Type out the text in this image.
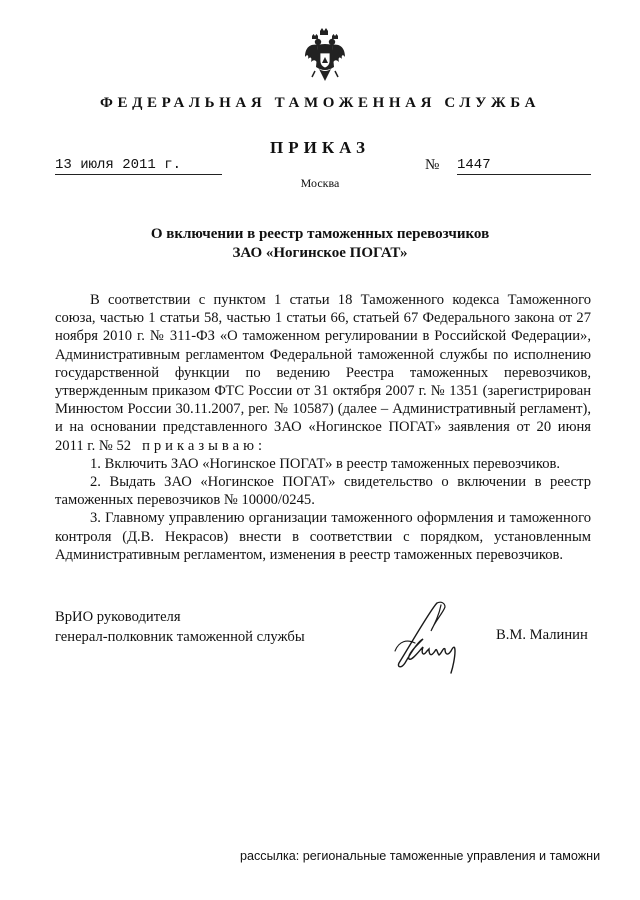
ФЕДЕРАЛЬНАЯ ТАМОЖЕННАЯ СЛУЖБА
ПРИКАЗ
13 июля 2011 г.	№ 1447
Москва
О включении в реестр таможенных перевозчиков
ЗАО «Ногинское ПОГАТ»

В соответствии с пунктом 1 статьи 18 Таможенного кодекса Таможенного союза, частью 1 статьи 58, частью 1 статьи 66, статьей 67 Федерального закона от 27 ноября 2010 г. № 311-ФЗ «О таможенном регулировании в Российской Федерации», Административным регламентом Федеральной таможенной службы по исполнению государственной функции по ведению Реестра таможенных перевозчиков, утвержденным приказом ФТС России от 31 октября 2007 г. № 1351 (зарегистрирован Минюстом России 30.11.2007, рег. № 10587) (далее – Административный регламент), и на основании представленного ЗАО «Ногинское ПОГАТ» заявления от 20 июня 2011 г. № 52 приказываю:

1. Включить ЗАО «Ногинское ПОГАТ» в реестр таможенных перевозчиков.

2. Выдать ЗАО «Ногинское ПОГАТ» свидетельство о включении в реестр таможенных перевозчиков № 10000/0245.

3. Главному управлению организации таможенного оформления и таможенного контроля (Д.В. Некрасов) внести в соответствии с порядком, установленным Административным регламентом, изменения в реестр таможенных перевозчиков.

ВрИО руководителя
генерал-полковник таможенной службы	В.М. Малинин
рассылка: региональные таможенные управления и таможни
